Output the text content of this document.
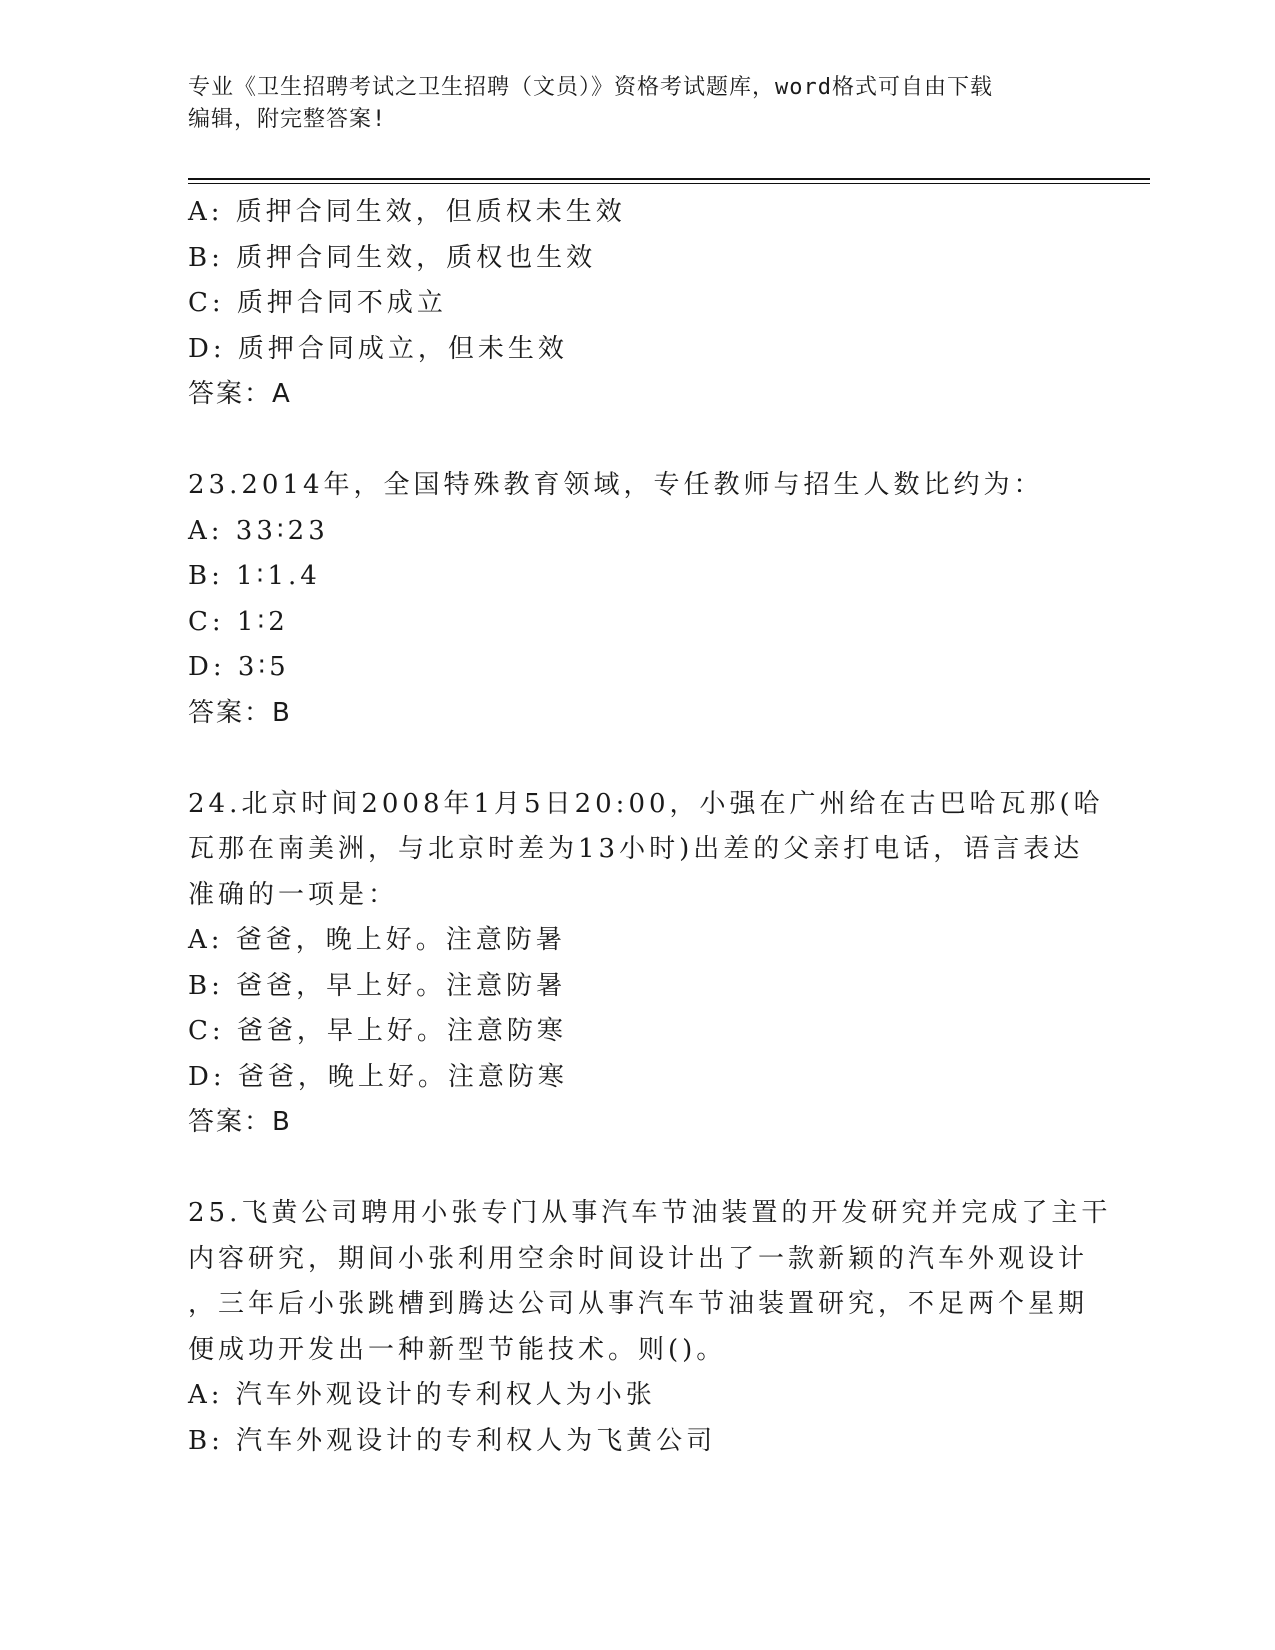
专业《卫生招聘考试之卫生招聘（文员）》资格考试题库，word格式可自由下载
编辑，附完整答案!
A: 质押合同生效，但质权未生效
B: 质押合同生效，质权也生效
C: 质押合同不成立
D: 质押合同成立，但未生效
答案：A
23.2014年，全国特殊教育领域，专任教师与招生人数比约为：
A: 33∶23
B: 1∶1.4
C: 1∶2
D: 3∶5
答案：B
24.北京时间2008年1月5日20:00，小强在广州给在古巴哈瓦那(哈
瓦那在南美洲，与北京时差为13小时)出差的父亲打电话，语言表达
准确的一项是：
A: 爸爸，晚上好。注意防暑
B: 爸爸，早上好。注意防暑
C: 爸爸，早上好。注意防寒
D: 爸爸，晚上好。注意防寒
答案：B
25.飞黄公司聘用小张专门从事汽车节油装置的开发研究并完成了主干
内容研究，期间小张利用空余时间设计出了一款新颖的汽车外观设计
，三年后小张跳槽到腾达公司从事汽车节油装置研究，不足两个星期
便成功开发出一种新型节能技术。则()。
A: 汽车外观设计的专利权人为小张
B: 汽车外观设计的专利权人为飞黄公司
